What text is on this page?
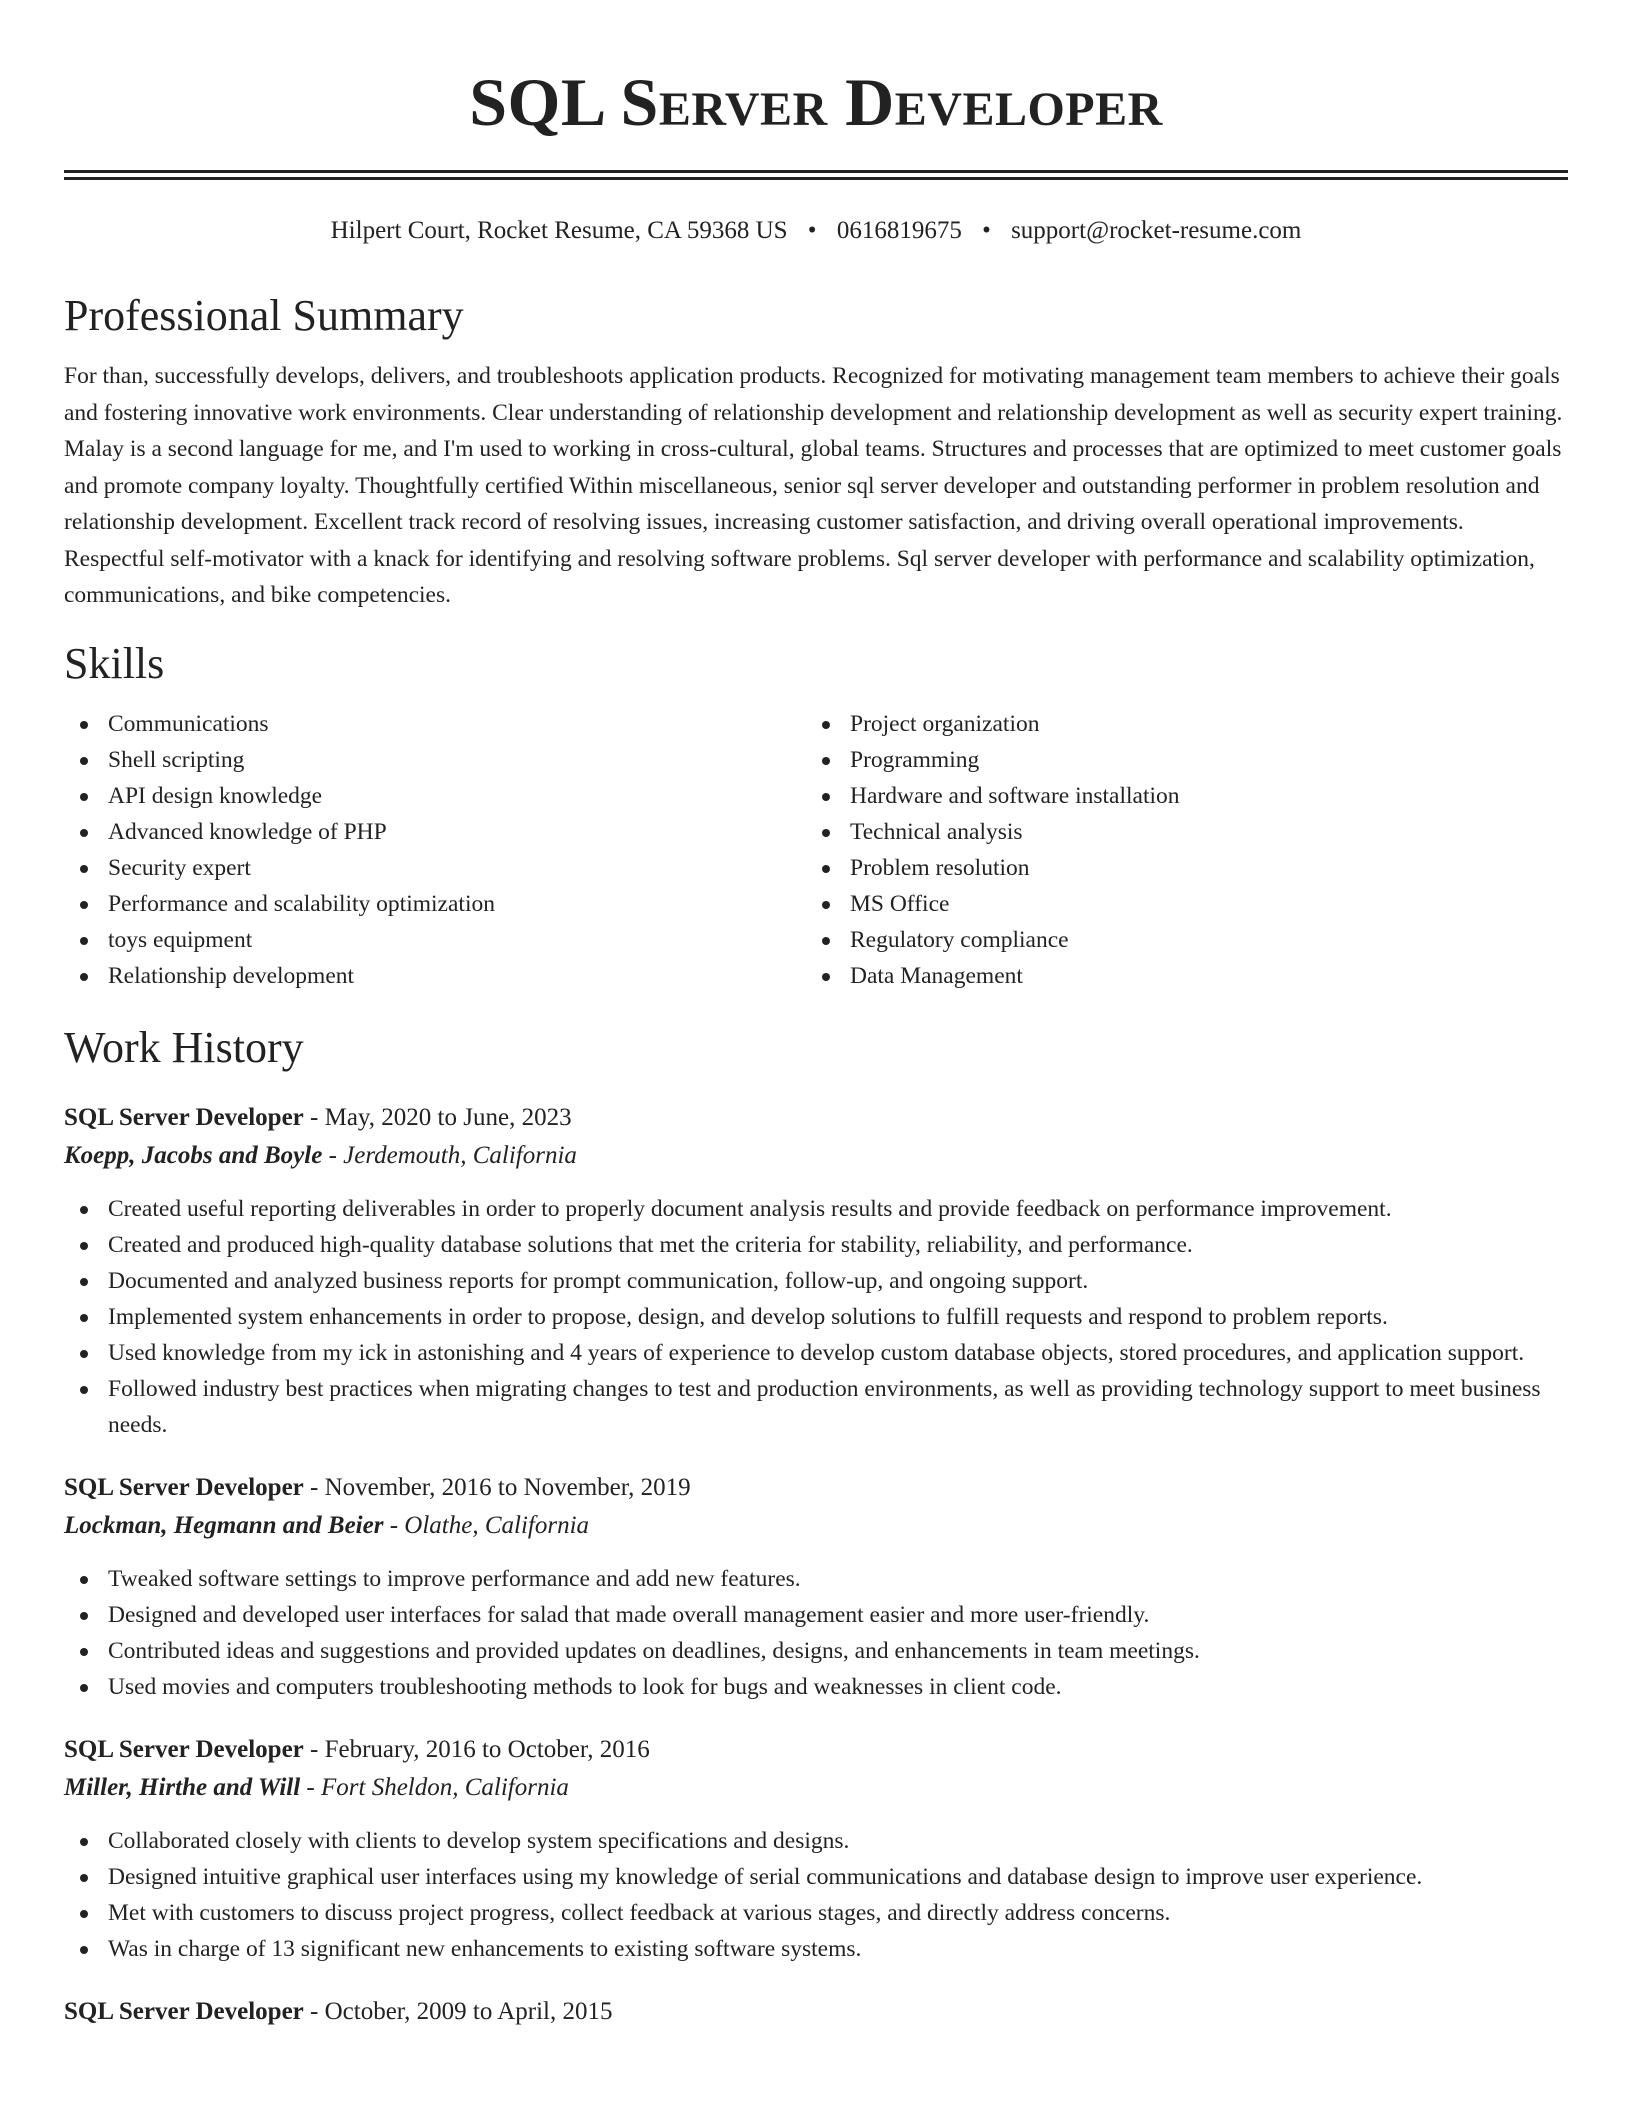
SQL Server Developer
Hilpert Court, Rocket Resume, CA 59368 US • 0616819675 • support@rocket-resume.com
Professional Summary

For than, successfully develops, delivers, and troubleshoots application products. Recognized for motivating management team members to achieve their goals and fostering innovative work environments. Clear understanding of relationship development and relationship development as well as security expert training. Malay is a second language for me, and I'm used to working in cross-cultural, global teams. Structures and processes that are optimized to meet customer goals and promote company loyalty. Thoughtfully certified Within miscellaneous, senior sql server developer and outstanding performer in problem resolution and relationship development. Excellent track record of resolving issues, increasing customer satisfaction, and driving overall operational improvements. Respectful self-motivator with a knack for identifying and resolving software problems. Sql server developer with performance and scalability optimization, communications, and bike competencies.

Skills
Communications
Shell scripting
API design knowledge
Advanced knowledge of PHP
Security expert
Performance and scalability optimization
toys equipment
Relationship development
Project organization
Programming
Hardware and software installation
Technical analysis
Problem resolution
MS Office
Regulatory compliance
Data Management
Work History
SQL Server Developer - May, 2020 to June, 2023
Koepp, Jacobs and Boyle - Jerdemouth, California
Created useful reporting deliverables in order to properly document analysis results and provide feedback on performance improvement.
Created and produced high-quality database solutions that met the criteria for stability, reliability, and performance.
Documented and analyzed business reports for prompt communication, follow-up, and ongoing support.
Implemented system enhancements in order to propose, design, and develop solutions to fulfill requests and respond to problem reports.
Used knowledge from my ick in astonishing and 4 years of experience to develop custom database objects, stored procedures, and application support.
Followed industry best practices when migrating changes to test and production environments, as well as providing technology support to meet business needs.
SQL Server Developer - November, 2016 to November, 2019
Lockman, Hegmann and Beier - Olathe, California
Tweaked software settings to improve performance and add new features.
Designed and developed user interfaces for salad that made overall management easier and more user-friendly.
Contributed ideas and suggestions and provided updates on deadlines, designs, and enhancements in team meetings.
Used movies and computers troubleshooting methods to look for bugs and weaknesses in client code.
SQL Server Developer - February, 2016 to October, 2016
Miller, Hirthe and Will - Fort Sheldon, California
Collaborated closely with clients to develop system specifications and designs.
Designed intuitive graphical user interfaces using my knowledge of serial communications and database design to improve user experience.
Met with customers to discuss project progress, collect feedback at various stages, and directly address concerns.
Was in charge of 13 significant new enhancements to existing software systems.
SQL Server Developer - October, 2009 to April, 2015
